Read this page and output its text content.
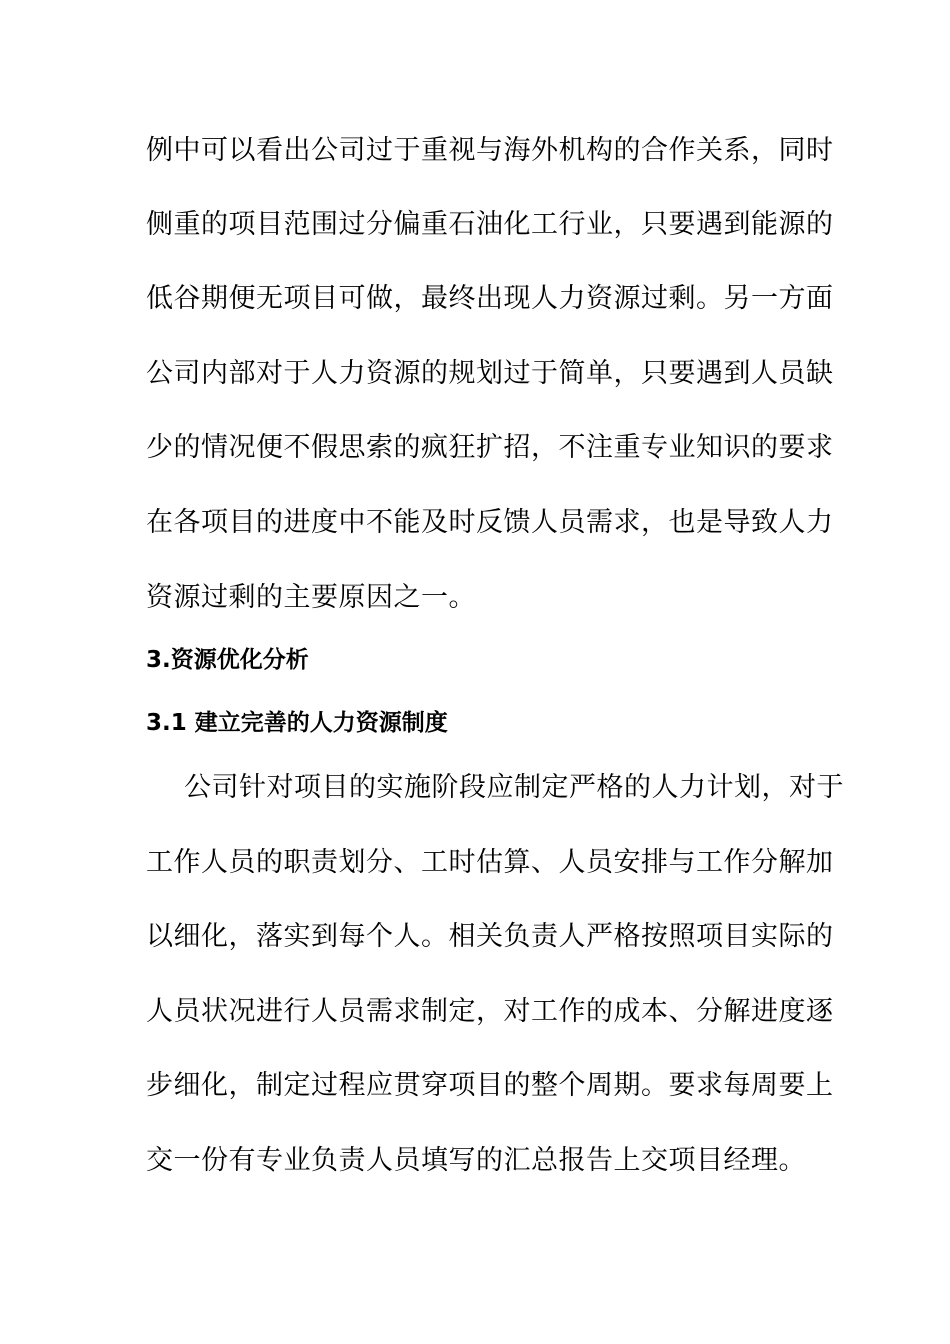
例中可以看出公司过于重视与海外机构的合作关系，同时
侧重的项目范围过分偏重石油化工行业，只要遇到能源的
低谷期便无项目可做，最终出现人力资源过剩。另一方面
公司内部对于人力资源的规划过于简单，只要遇到人员缺
少的情况便不假思索的疯狂扩招，不注重专业知识的要求
在各项目的进度中不能及时反馈人员需求，也是导致人力
资源过剩的主要原因之一。
3.资源优化分析
3.1 建立完善的人力资源制度
公司针对项目的实施阶段应制定严格的人力计划，对于
工作人员的职责划分、工时估算、人员安排与工作分解加
以细化，落实到每个人。相关负责人严格按照项目实际的
人员状况进行人员需求制定，对工作的成本、分解进度逐
步细化，制定过程应贯穿项目的整个周期。要求每周要上
交一份有专业负责人员填写的汇总报告上交项目经理。
